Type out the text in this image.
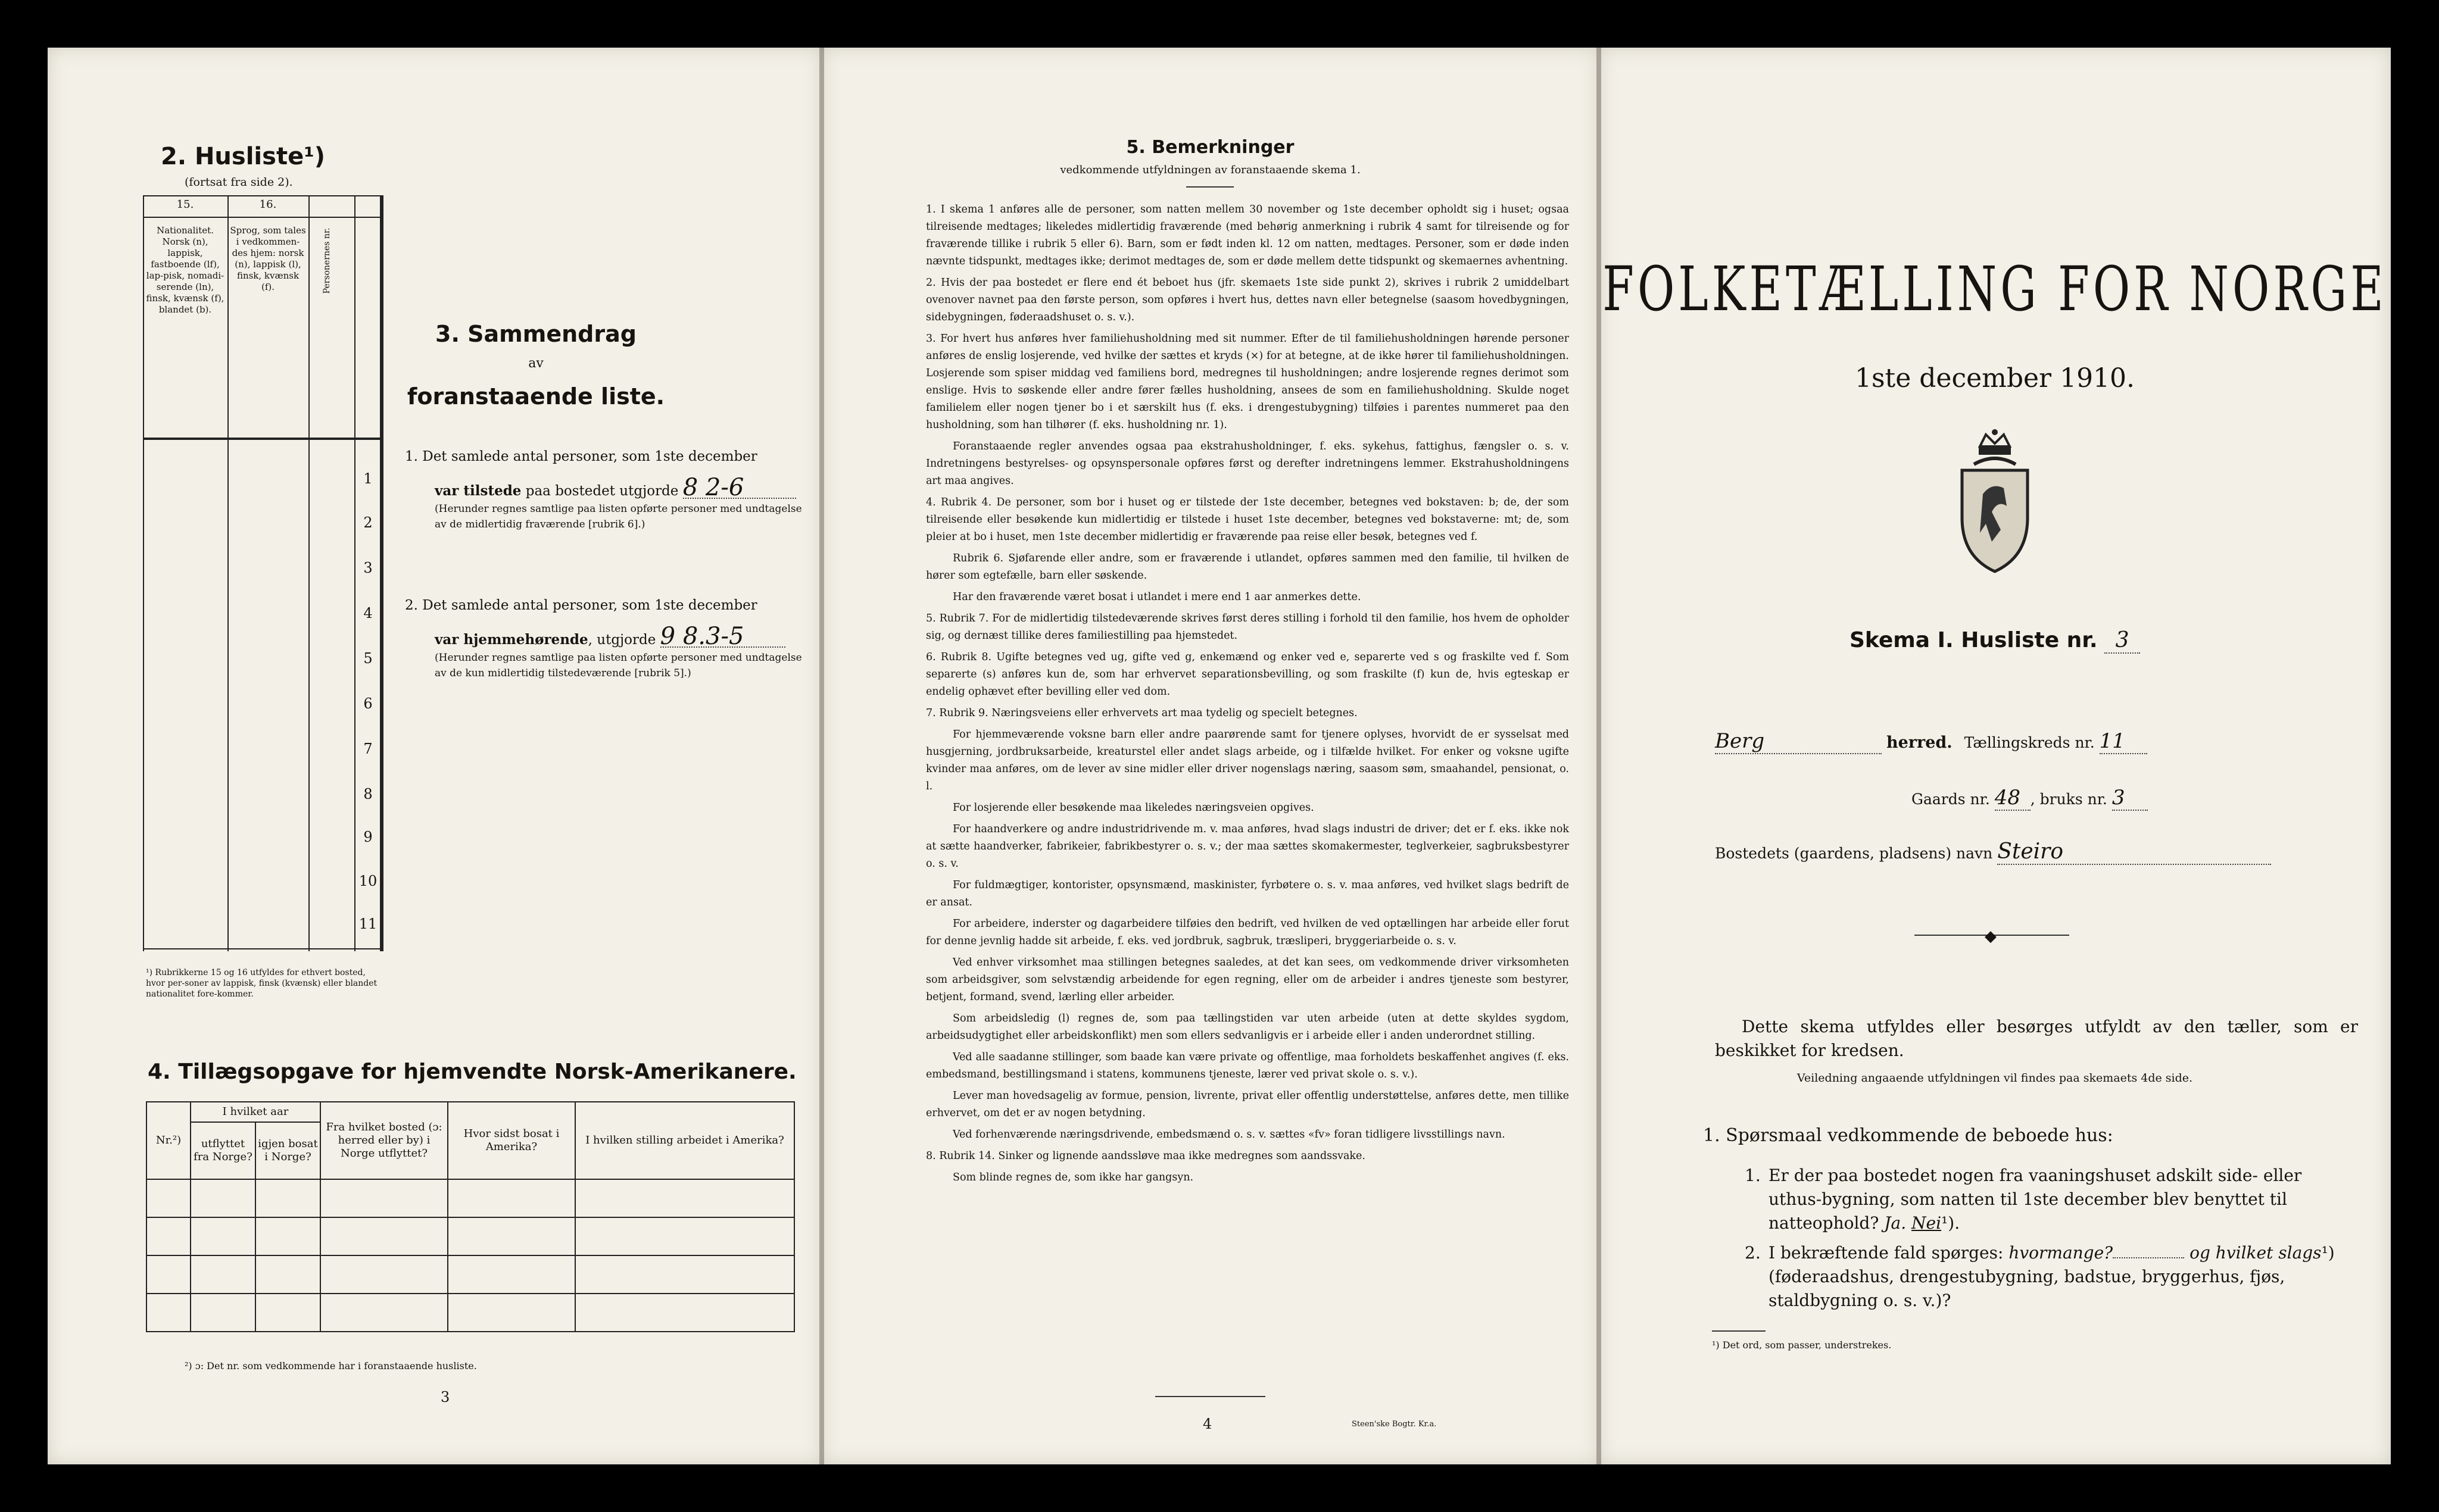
2. Husliste¹)
(fortsat fra side 2).
15.	16.
Nationalitet. Norsk (n), lappisk, fastboende (lf), lap-pisk, nomadi-serende (ln), finsk, kvænsk (f), blandet (b).
Sprog, som tales i vedkommen-des hjem: norsk (n), lappisk (l), finsk, kvænsk (f).	Personernes nr.
1
2
3
4
5
6
7
8
9
10
11
¹) Rubrikkerne 15 og 16 utfyldes for ethvert bosted, hvor per-soner av lappisk, finsk (kvænsk) eller blandet nationalitet fore-kommer.
3. Sammendrag
av
foranstaaende liste.
1. Det samlede antal personer, som 1ste december
var tilstede paa bostedet utgjorde 8 2-6
(Herunder regnes samtlige paa listen opførte personer med undtagelse av de midlertidig fraværende [rubrik 6].)
2. Det samlede antal personer, som 1ste december
var hjemmehørende, utgjorde 9 8.3-5
(Herunder regnes samtlige paa listen opførte personer med undtagelse av de kun midlertidig tilstedeværende [rubrik 5].)
4. Tillægsopgave for hjemvendte Norsk-Amerikanere.
Nr.²)	I hvilket aar		Fra hvilket bosted (ɔ: herred eller by) i Norge utflyttet?	Hvor sidst bosat i Amerika?	I hvilken stilling arbeidet i Amerika?
	utflyttet fra Norge?	igjen bosat i Norge?			

²) ɔ: Det nr. som vedkommende har i foranstaaende husliste.
3
5. Bemerkninger
vedkommende utfyldningen av foranstaaende skema 1.

1. I skema 1 anføres alle de personer, som natten mellem 30 november og 1ste december opholdt sig i huset; ogsaa tilreisende medtages; likeledes midlertidig fraværende (med behørig anmerkning i rubrik 4 samt for tilreisende og for fraværende tillike i rubrik 5 eller 6). Barn, som er født inden kl. 12 om natten, medtages. Personer, som er døde inden nævnte tidspunkt, medtages ikke; derimot medtages de, som er døde mellem dette tidspunkt og skemaernes avhentning.

2. Hvis der paa bostedet er flere end ét beboet hus (jfr. skemaets 1ste side punkt 2), skrives i rubrik 2 umiddelbart ovenover navnet paa den første person, som opføres i hvert hus, dettes navn eller betegnelse (saasom hovedbygningen, sidebygningen, føderaadshuset o. s. v.).

3. For hvert hus anføres hver familiehusholdning med sit nummer. Efter de til familiehusholdningen hørende personer anføres de enslig losjerende, ved hvilke der sættes et kryds (×) for at betegne, at de ikke hører til familiehusholdningen. Losjerende som spiser middag ved familiens bord, medregnes til husholdningen; andre losjerende regnes derimot som enslige. Hvis to søskende eller andre fører fælles husholdning, ansees de som en familiehusholdning. Skulde noget familielem eller nogen tjener bo i et særskilt hus (f. eks. i drengestubygning) tilføies i parentes nummeret paa den husholdning, som han tilhører (f. eks. husholdning nr. 1).

Foranstaaende regler anvendes ogsaa paa ekstrahusholdninger, f. eks. sykehus, fattighus, fængsler o. s. v. Indretningens bestyrelses- og opsynspersonale opføres først og derefter indretningens lemmer. Ekstrahusholdningens art maa angives.

4. Rubrik 4. De personer, som bor i huset og er tilstede der 1ste december, betegnes ved bokstaven: b; de, der som tilreisende eller besøkende kun midlertidig er tilstede i huset 1ste december, betegnes ved bokstaverne: mt; de, som pleier at bo i huset, men 1ste december midlertidig er fraværende paa reise eller besøk, betegnes ved f.

Rubrik 6. Sjøfarende eller andre, som er fraværende i utlandet, opføres sammen med den familie, til hvilken de hører som egtefælle, barn eller søskende.

Har den fraværende været bosat i utlandet i mere end 1 aar anmerkes dette.

5. Rubrik 7. For de midlertidig tilstedeværende skrives først deres stilling i forhold til den familie, hos hvem de opholder sig, og dernæst tillike deres familiestilling paa hjemstedet.

6. Rubrik 8. Ugifte betegnes ved ug, gifte ved g, enkemænd og enker ved e, separerte ved s og fraskilte ved f. Som separerte (s) anføres kun de, som har erhvervet separationsbevilling, og som fraskilte (f) kun de, hvis egteskap er endelig ophævet efter bevilling eller ved dom.

7. Rubrik 9. Næringsveiens eller erhvervets art maa tydelig og specielt betegnes.

For hjemmeværende voksne barn eller andre paarørende samt for tjenere oplyses, hvorvidt de er sysselsat med husgjerning, jordbruksarbeide, kreaturstel eller andet slags arbeide, og i tilfælde hvilket. For enker og voksne ugifte kvinder maa anføres, om de lever av sine midler eller driver nogenslags næring, saasom søm, smaahandel, pensionat, o. l.

For losjerende eller besøkende maa likeledes næringsveien opgives.

For haandverkere og andre industridrivende m. v. maa anføres, hvad slags industri de driver; det er f. eks. ikke nok at sætte haandverker, fabrikeier, fabrikbestyrer o. s. v.; der maa sættes skomakermester, teglverkeier, sagbruksbestyrer o. s. v.

For fuldmægtiger, kontorister, opsynsmænd, maskinister, fyrbøtere o. s. v. maa anføres, ved hvilket slags bedrift de er ansat.

For arbeidere, inderster og dagarbeidere tilføies den bedrift, ved hvilken de ved optællingen har arbeide eller forut for denne jevnlig hadde sit arbeide, f. eks. ved jordbruk, sagbruk, træsliperi, bryggeriarbeide o. s. v.

Ved enhver virksomhet maa stillingen betegnes saaledes, at det kan sees, om vedkommende driver virksomheten som arbeidsgiver, som selvstændig arbeidende for egen regning, eller om de arbeider i andres tjeneste som bestyrer, betjent, formand, svend, lærling eller arbeider.

Som arbeidsledig (l) regnes de, som paa tællingstiden var uten arbeide (uten at dette skyldes sygdom, arbeidsudygtighet eller arbeidskonflikt) men som ellers sedvanligvis er i arbeide eller i anden underordnet stilling.

Ved alle saadanne stillinger, som baade kan være private og offentlige, maa forholdets beskaffenhet angives (f. eks. embedsmand, bestillingsmand i statens, kommunens tjeneste, lærer ved privat skole o. s. v.).

Lever man hovedsagelig av formue, pension, livrente, privat eller offentlig understøttelse, anføres dette, men tillike erhvervet, om det er av nogen betydning.

Ved forhenværende næringsdrivende, embedsmænd o. s. v. sættes «fv» foran tidligere livsstillings navn.

8. Rubrik 14. Sinker og lignende aandssløve maa ikke medregnes som aandssvake.

Som blinde regnes de, som ikke har gangsyn.

4	Steen'ske Bogtr. Kr.a.
FOLKETÆLLING FOR NORGE
1ste december 1910.
Skema I. Husliste nr. 3
Berg	herred. Tællingskreds nr. 11
Gaards nr. 48 , bruks nr. 3
Bostedets (gaardens, pladsens) navn Steiro
◆
Dette skema utfyldes eller besørges utfyldt av den tæller, som er beskikket for kredsen.
Veiledning angaaende utfyldningen vil findes paa skemaets 4de side.
1. Spørsmaal vedkommende de beboede hus:
1. Er der paa bostedet nogen fra vaaningshuset adskilt side- eller uthus-bygning, som natten til 1ste december blev benyttet til natteophold? Ja. Nei¹).
2. I bekræftende fald spørges: hvormange?	og hvilket slags¹) (føderaadshus, drengestubygning, badstue, bryggerhus, fjøs, staldbygning o. s. v.)?
¹) Det ord, som passer, understrekes.
